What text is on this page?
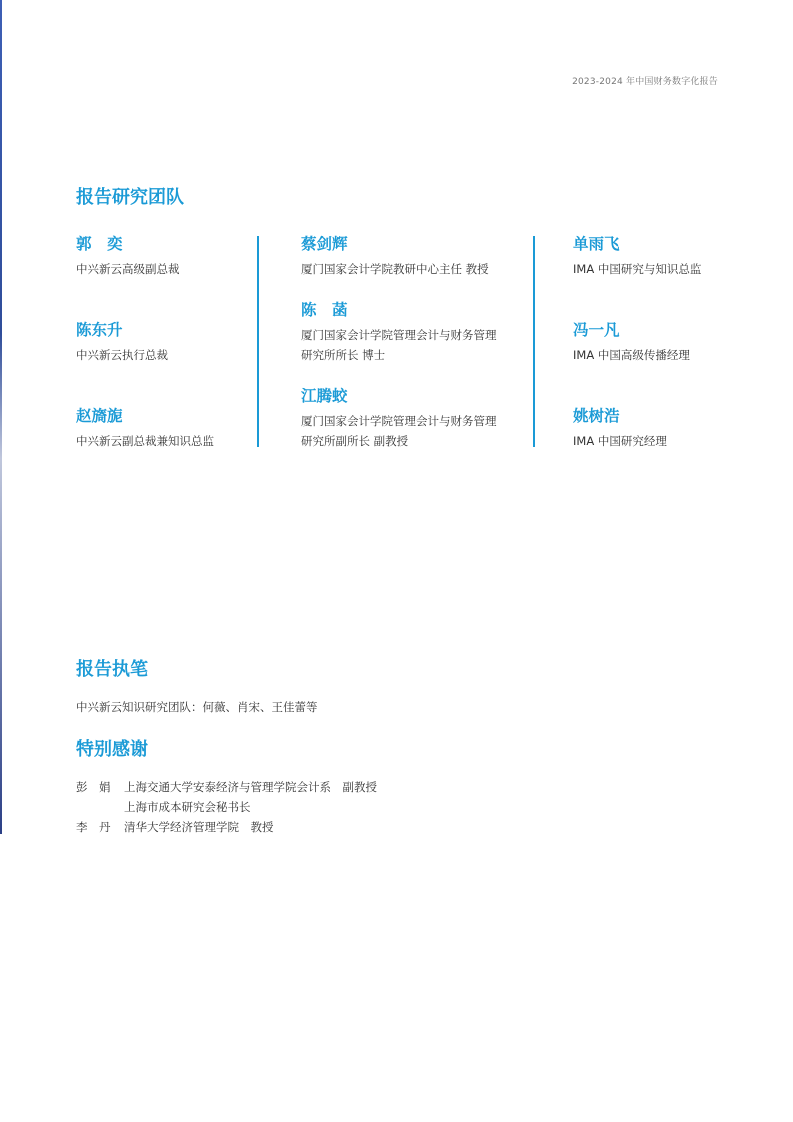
2023-2024 年中国财务数字化报告
报告研究团队
郭　奕
中兴新云高级副总裁
陈东升
中兴新云执行总裁
赵旖旎
中兴新云副总裁兼知识总监
蔡剑辉
厦门国家会计学院教研中心主任 教授
陈　菡
厦门国家会计学院管理会计与财务管理研究所所长 博士
江腾蛟
厦门国家会计学院管理会计与财务管理研究所副所长 副教授
单雨飞
IMA 中国研究与知识总监
冯一凡
IMA 中国高级传播经理
姚树浩
IMA 中国研究经理
报告执笔
中兴新云知识研究团队：何薇、肖宋、王佳蕾等
特别感谢

彭　娟

	上海交通大学安泰经济与管理学院会计系　副教授

上海市成本研究会秘书长

李　丹

	清华大学经济管理学院　教授
